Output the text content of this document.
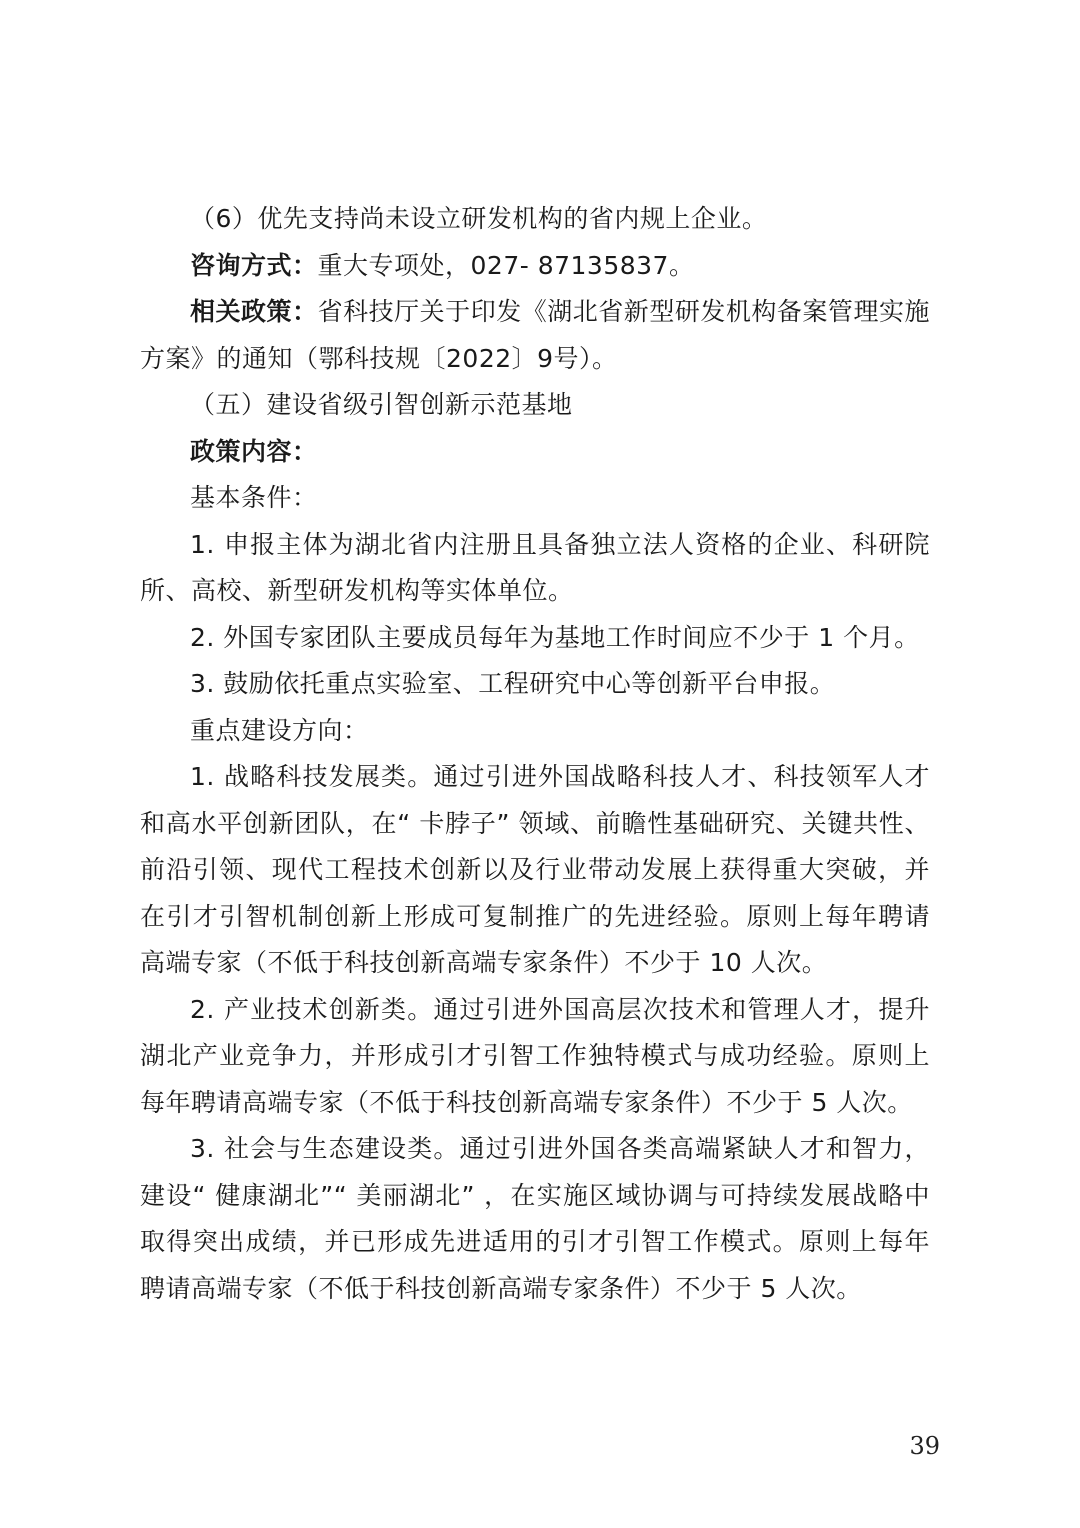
（6）优先支持尚未设立研发机构的省内规上企业。

咨询方式：重大专项处，027- 87135837。

相关政策：省科技厅关于印发《湖北省新型研发机构备案管理实施方案》的通知（鄂科技规〔2022〕9号）。

（五）建设省级引智创新示范基地

政策内容：

基本条件：

1. 申报主体为湖北省内注册且具备独立法人资格的企业、科研院所、高校、新型研发机构等实体单位。

2. 外国专家团队主要成员每年为基地工作时间应不少于 1 个月。

3. 鼓励依托重点实验室、工程研究中心等创新平台申报。

重点建设方向：

1. 战略科技发展类。通过引进外国战略科技人才、科技领军人才和高水平创新团队，在“ 卡脖子” 领域、前瞻性基础研究、关键共性、前沿引领、现代工程技术创新以及行业带动发展上获得重大突破，并在引才引智机制创新上形成可复制推广的先进经验。原则上每年聘请高端专家（不低于科技创新高端专家条件）不少于 10 人次。

2. 产业技术创新类。通过引进外国高层次技术和管理人才，提升湖北产业竞争力，并形成引才引智工作独特模式与成功经验。原则上每年聘请高端专家（不低于科技创新高端专家条件）不少于 5 人次。

3. 社会与生态建设类。通过引进外国各类高端紧缺人才和智力，建设“ 健康湖北”“ 美丽湖北” ，在实施区域协调与可持续发展战略中取得突出成绩，并已形成先进适用的引才引智工作模式。原则上每年聘请高端专家（不低于科技创新高端专家条件）不少于 5 人次。

39
